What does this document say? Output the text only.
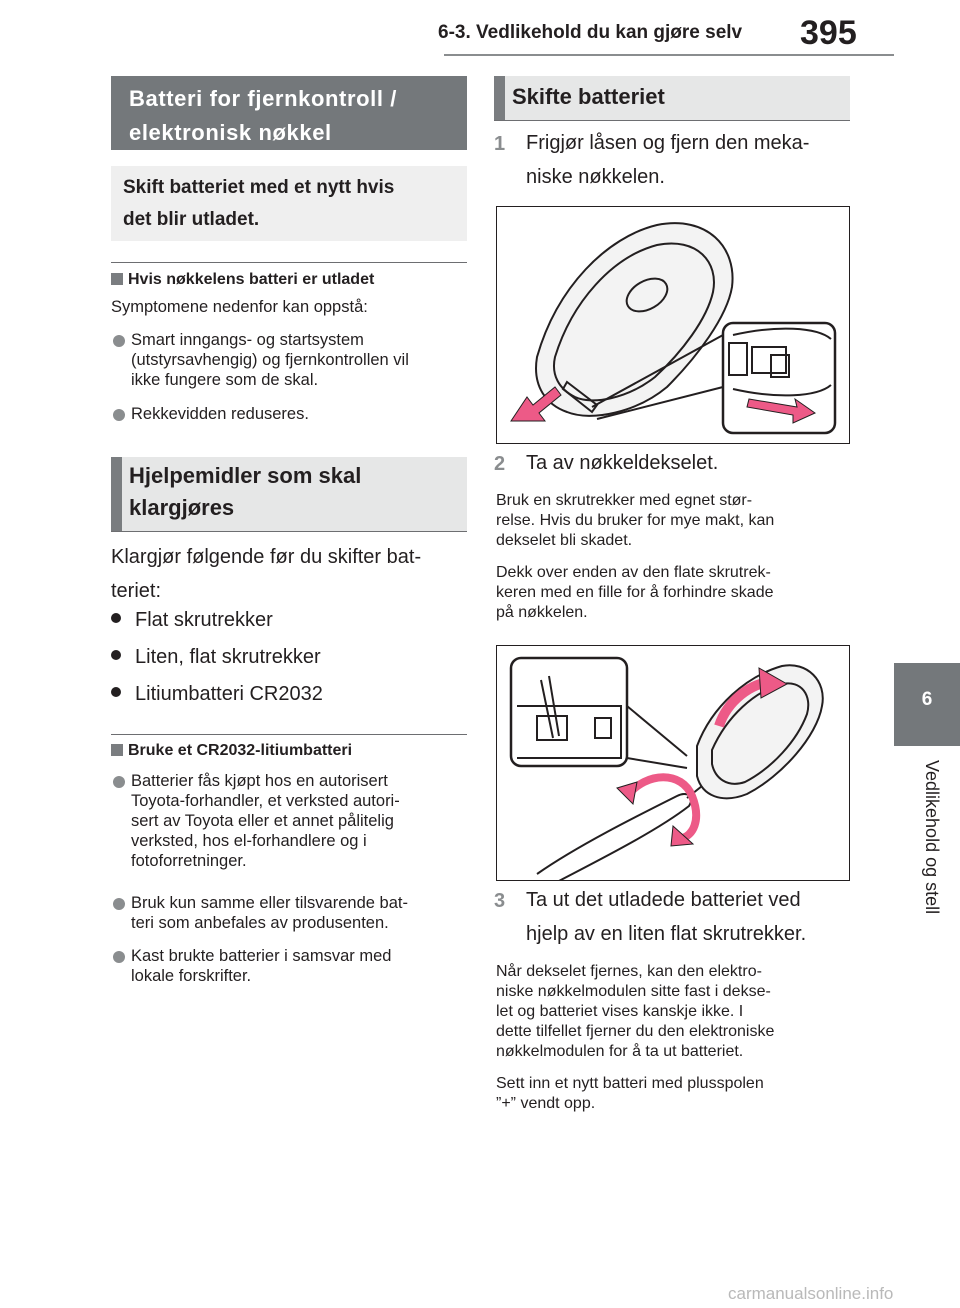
6-3. Vedlikehold du kan gjøre selv 395
6
Vedlikehold og stell
Batteri for fjernkontroll /
elektronisk nøkkel
Skift batteriet med et nytt hvis
det blir utladet.
Hvis nøkkelens batteri er utladet
Symptomene nedenfor kan oppstå:
Smart inngangs- og startsystem
(utstyrsavhengig) og fjernkontrollen vil
ikke fungere som de skal.
Rekkevidden reduseres.
Hjelpemidler som skal
klargjøres
Klargjør følgende før du skifter bat-
teriet:
Flat skrutrekker
Liten, flat skrutrekker
Litiumbatteri CR2032
Bruke et CR2032-litiumbatteri
Batterier fås kjøpt hos en autorisert
Toyota-forhandler, et verksted autori-
sert av Toyota eller et annet pålitelig
verksted, hos el-forhandlere og i
fotoforretninger.
Bruk kun samme eller tilsvarende bat-
teri som anbefales av produsenten.
Kast brukte batterier i samsvar med
lokale forskrifter.
Skifte batteriet
1 Frigjør låsen og fjern den meka-
niske nøkkelen.
2 Ta av nøkkeldekselet.
Bruk en skrutrekker med egnet stør-
relse. Hvis du bruker for mye makt, kan
dekselet bli skadet.
Dekk over enden av den flate skrutrek-
keren med en fille for å forhindre skade
på nøkkelen.
3 Ta ut det utladede batteriet ved
hjelp av en liten flat skrutrekker.
Når dekselet fjernes, kan den elektro-
niske nøkkelmodulen sitte fast i dekse-
let og batteriet vises kanskje ikke. I
dette tilfellet fjerner du den elektroniske
nøkkelmodulen for å ta ut batteriet.
Sett inn et nytt batteri med plusspolen
”+” vendt opp.
carmanualsonline.info
